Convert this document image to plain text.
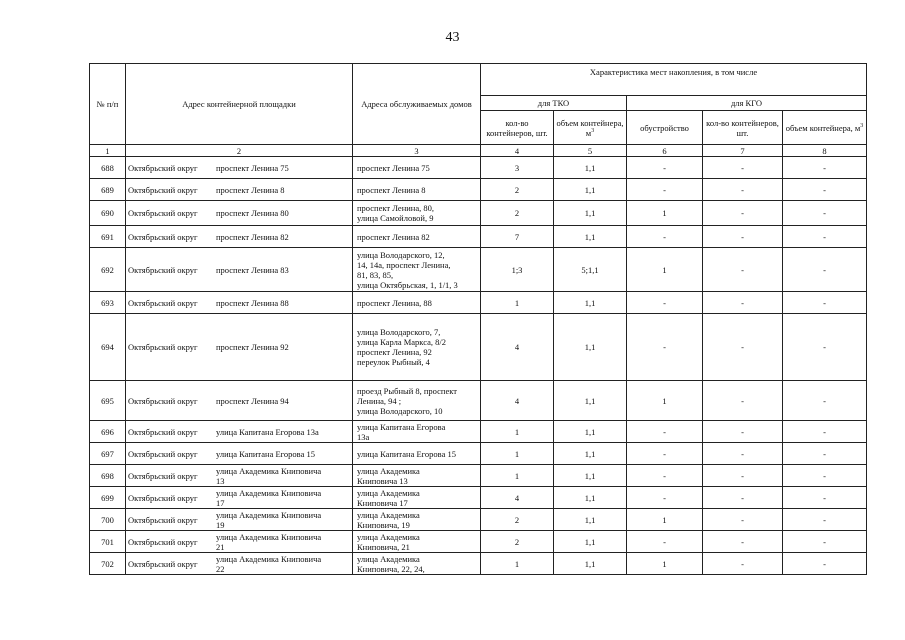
43
№ п/п	Адрес контейнерной площадки	Адреса обслуживаемых домов	Характеристика мест накопления, в том числе				
			для ТКО		для КГО		
			кол-во контейнеров, шт.	объем контейнера, $м^3$	обустройство	кол-во контейнеров, шт.	объем контейнера, $м^3$
1	2	3	4	5	6	7	8
688	Октябрьский округ проспект Ленина 75	проспект Ленина 75	3	1,1	-	-	-
689	Октябрьский округ проспект Ленина 8	проспект Ленина 8	2	1,1	-	-	-
690	Октябрьский округ проспект Ленина 80	проспект Ленина, 80,
улица Самойловой, 9	2	1,1	1	-	-
691	Октябрьский округ проспект Ленина 82	проспект Ленина 82	7	1,1	-	-	-
692	Октябрьский округ проспект Ленина 83	улица Володарского, 12,
14, 14а, проспект Ленина,
81, 83, 85,
улица Октябрьская, 1, 1/1, 3	1;3	5;1,1	1	-	-
693	Октябрьский округ проспект Ленина 88	проспект Ленина, 88	1	1,1	-	-	-
694	Октябрьский округ проспект Ленина 92	улица Володарского, 7,
улица Карла Маркса, 8/2
проспект Ленина, 92
переулок Рыбный, 4	4	1,1	-	-	-
695	Октябрьский округ проспект Ленина 94	проезд Рыбный 8, проспект
Ленина, 94 ;
улица Володарского, 10	4	1,1	1	-	-
696	Октябрьский округ улица Капитана Егорова 13а	улица Капитана Егорова
13а	1	1,1	-	-	-
697	Октябрьский округ улица Капитана Егорова 15	улица Капитана Егорова 15	1	1,1	-	-	-
698	Октябрьский округ улица Академика Книповича
13	улица Академика
Книповича 13	1	1,1	-	-	-
699	Октябрьский округ улица Академика Книповича
17	улица Академика
Книповича 17	4	1,1	-	-	-
700	Октябрьский округ улица Академика Книповича
19	улица Академика
Книповича, 19	2	1,1	1	-	-
701	Октябрьский округ улица Академика Книповича
21	улица Академика
Книповича, 21	2	1,1	-	-	-
702	Октябрьский округ улица Академика Книповича
22	улица Академика
Книповича, 22, 24,	1	1,1	1	-	-
